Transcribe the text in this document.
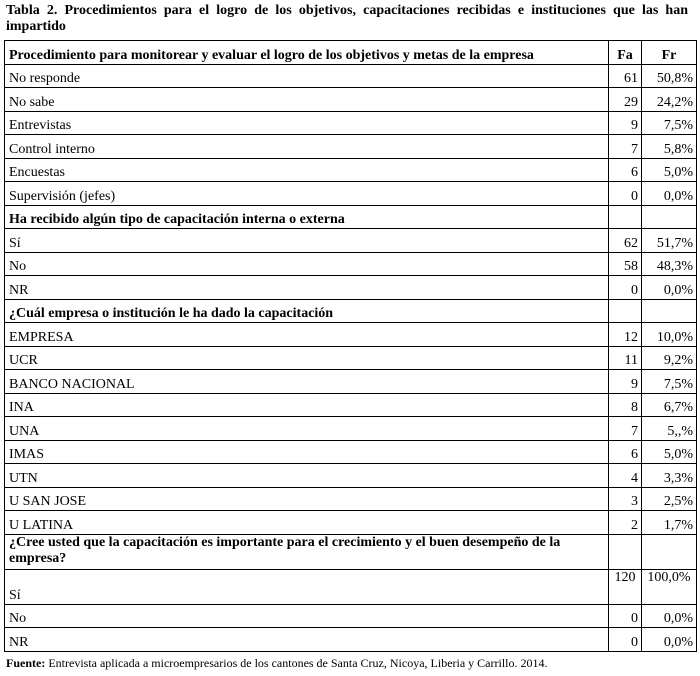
Tabla 2. Procedimientos para el logro de los objetivos, capacitaciones recibidas e instituciones que las han impartido
Procedimiento para monitorear y evaluar el logro de los objetivos y metas de la empresa	Fa	Fr
No responde	61	50,8%
No sabe	29	24,2%
Entrevistas	9	7,5%
Control interno	7	5,8%
Encuestas	6	5,0%
Supervisión (jefes)	0	0,0%
Ha recibido algún tipo de capacitación interna o externa		
Sí	62	51,7%
No	58	48,3%
NR	0	0,0%
¿Cuál empresa o institución le ha dado la capacitación		
EMPRESA	12	10,0%
UCR	11	9,2%
BANCO NACIONAL	9	7,5%
INA	8	6,7%
UNA	7	5,,%
IMAS	6	5,0%
UTN	4	3,3%
U SAN JOSE	3	2,5%
U LATINA	2	1,7%
¿Cree usted que la capacitación es importante para el crecimiento y el buen desempeño de la empresa?		
Sí	120	100,0%
No	0	0,0%
NR	0	0,0%
Fuente: Entrevista aplicada a microempresarios de los cantones de Santa Cruz, Nicoya, Liberia y Carrillo. 2014.
